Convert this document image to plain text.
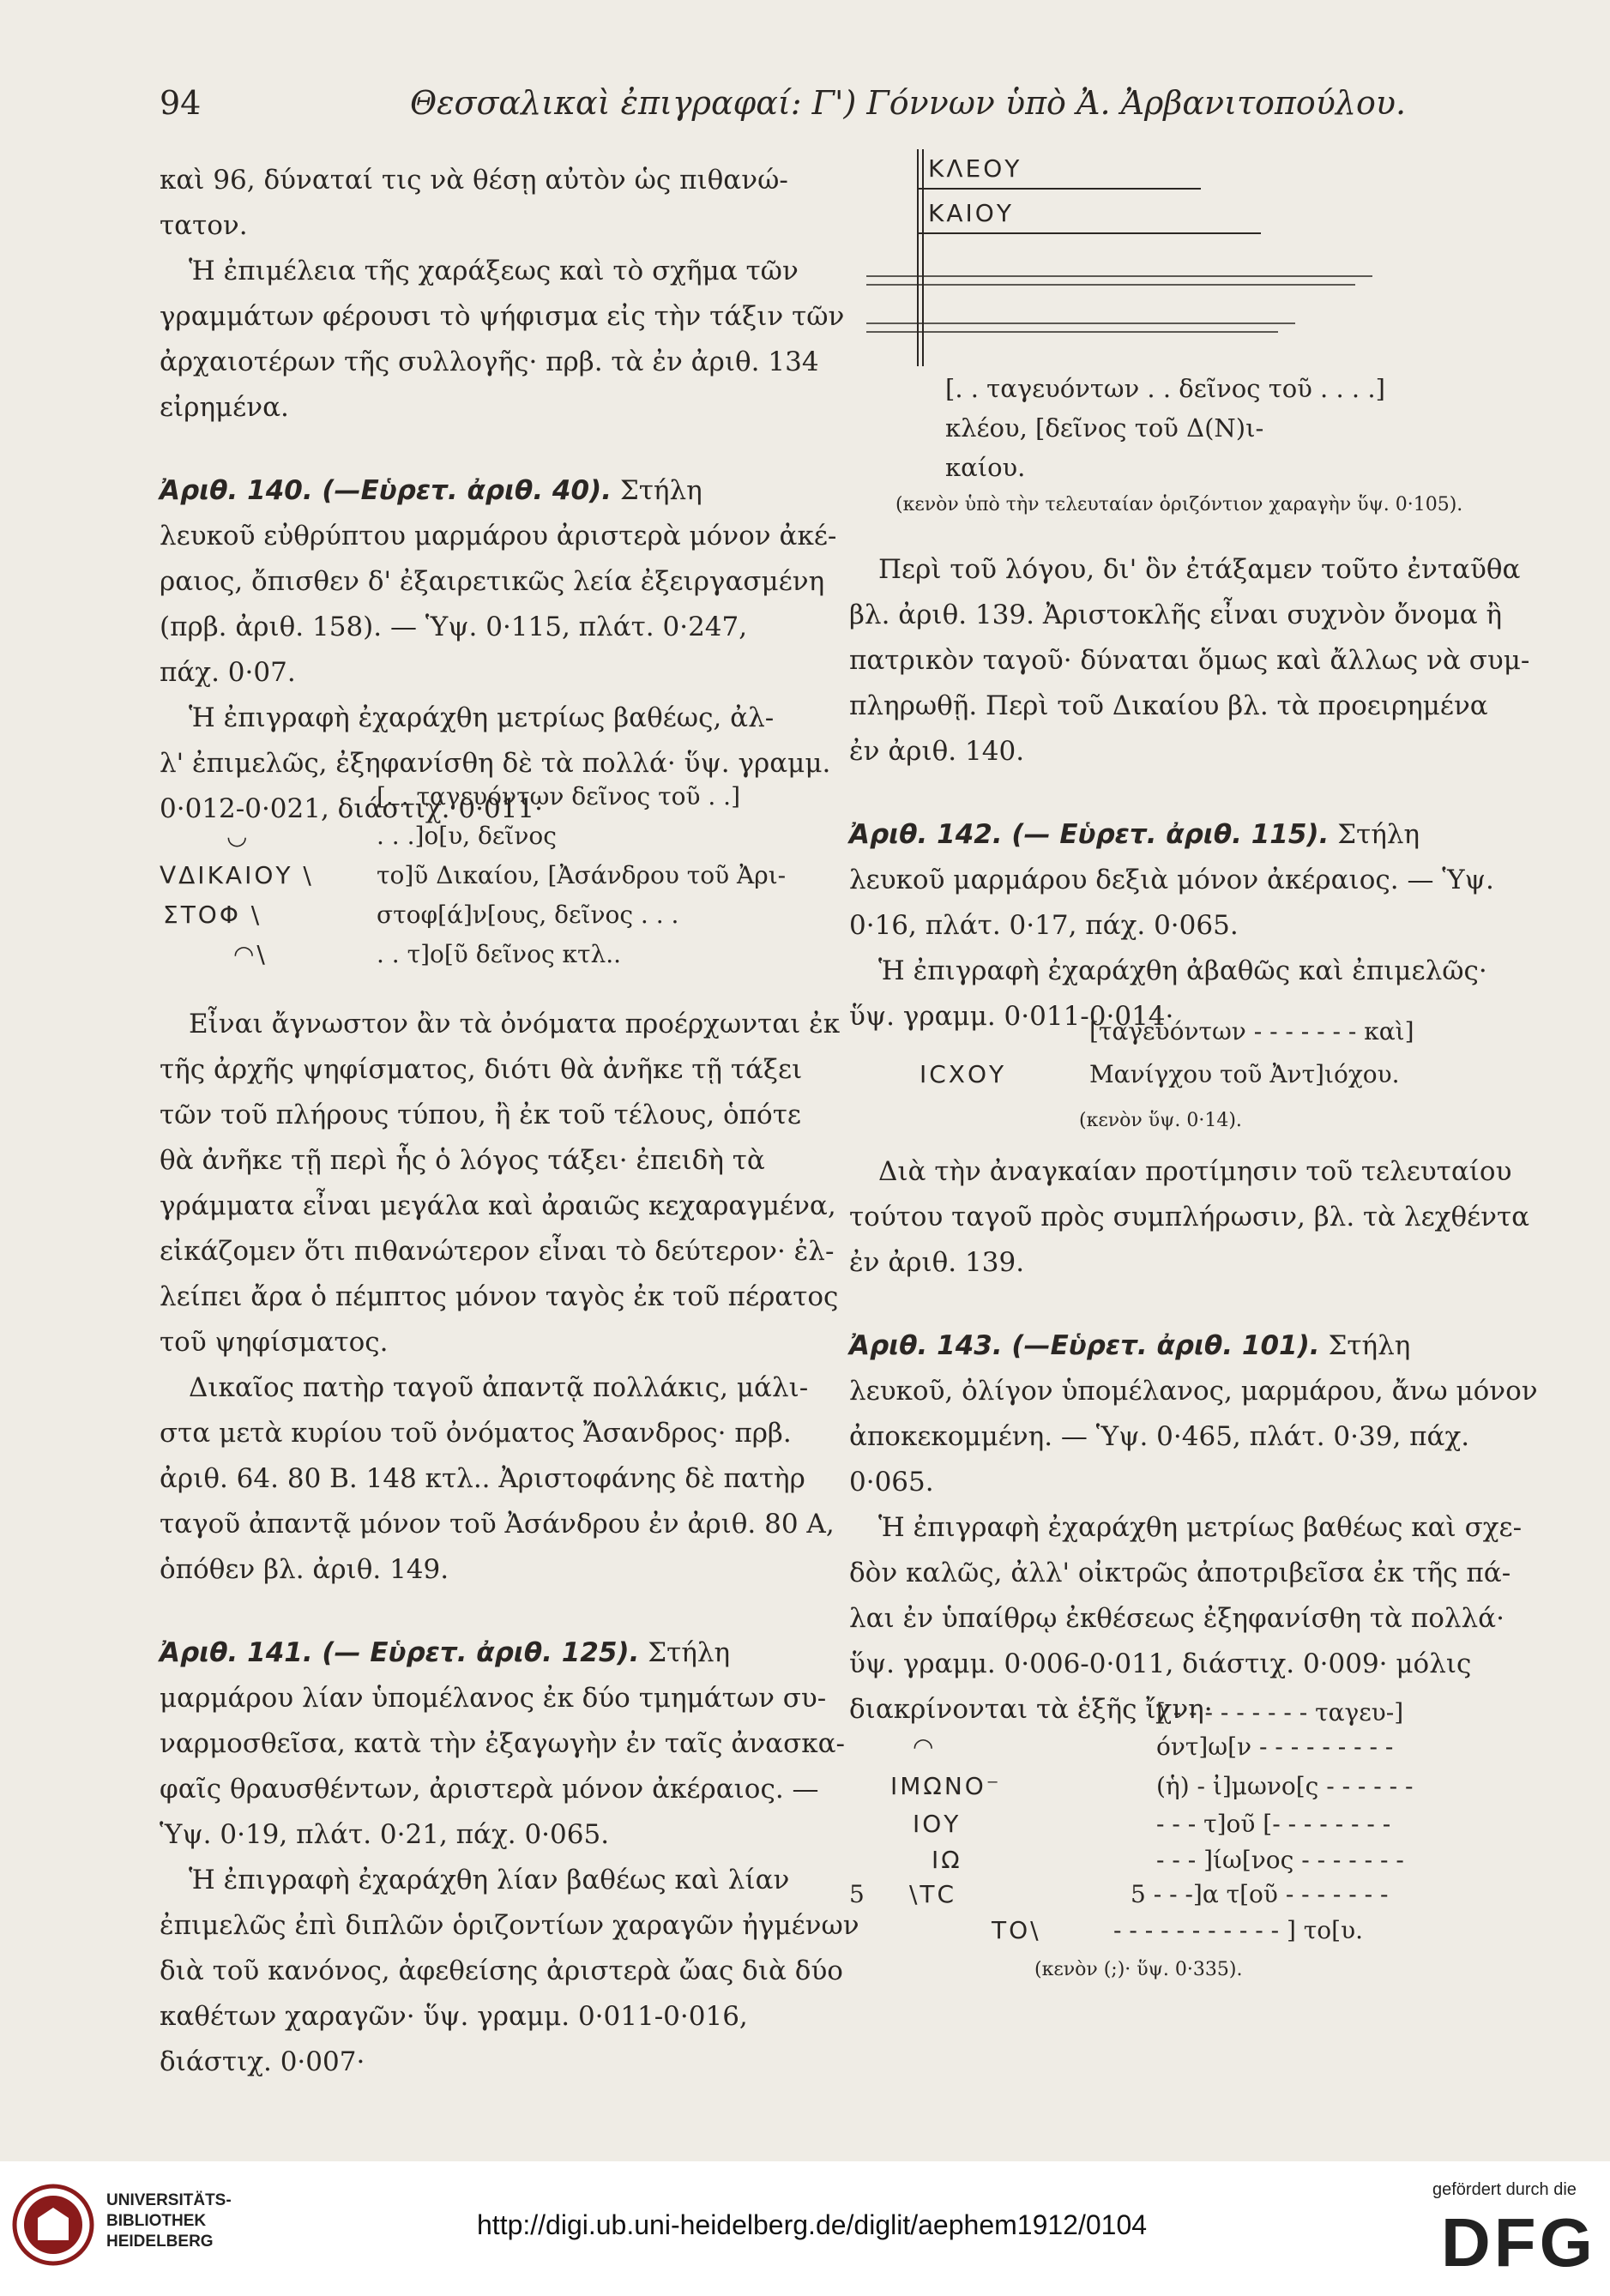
94	Θεσσαλικαὶ ἐπιγραφαί: Γ') Γόννων ὑπὸ Ἀ. Ἀρβανιτοπούλου.

καὶ 96, δύναταί τις νὰ θέσῃ αὐτὸν ὡς πιθανώ-

τατον.

Ἡ ἐπιμέλεια τῆς χαράξεως καὶ τὸ σχῆμα τῶν

γραμμάτων φέρουσι τὸ ψήφισμα εἰς τὴν τάξιν τῶν

ἀρχαιοτέρων τῆς συλλογῆς· πρβ. τὰ ἐν ἀριθ. 134

εἰρημένα.

Ἀριθ. 140. (—Εὑρετ. ἀριθ. 40). Στήλη

λευκοῦ εὐθρύπτου μαρμάρου ἀριστερὰ μόνον ἀκέ-

ραιος, ὄπισθεν δ' ἐξαιρετικῶς λεία ἐξειργασμένη

(πρβ. ἀριθ. 158). — Ὑψ. 0·115, πλάτ. 0·247,

πάχ. 0·07.

Ἡ ἐπιγραφὴ ἐχαράχθη μετρίως βαθέως, ἀλ-

λ' ἐπιμελῶς, ἐξηφανίσθη δὲ τὰ πολλά· ὕψ. γραμμ.

0·012-0·021, διάστιχ. 0·011·

[. . ταγευόντων δεῖνος τοῦ . .]
◡	. . .]ο[υ, δεῖνος
ᐯΔΙΚΑΙΟΥ \	το]ῦ Δικαίου, [Ἀσάνδρου τοῦ Ἀρι-
ΣΤΟΦ \	στοφ[ά]ν[ους, δεῖνος . . .
◠\	. . τ]ο[ῦ δεῖνος κτλ..

Εἶναι ἄγνωστον ἂν τὰ ὀνόματα προέρχωνται ἐκ

τῆς ἀρχῆς ψηφίσματος, διότι θὰ ἀνῆκε τῇ τάξει

τῶν τοῦ πλήρους τύπου, ἢ ἐκ τοῦ τέλους, ὁπότε

θὰ ἀνῆκε τῇ περὶ ἧς ὁ λόγος τάξει· ἐπειδὴ τὰ

γράμματα εἶναι μεγάλα καὶ ἀραιῶς κεχαραγμένα,

εἰκάζομεν ὅτι πιθανώτερον εἶναι τὸ δεύτερον· ἐλ-

λείπει ἄρα ὁ πέμπτος μόνον ταγὸς ἐκ τοῦ πέρατος

τοῦ ψηφίσματος.

Δικαῖος πατὴρ ταγοῦ ἀπαντᾷ πολλάκις, μάλι-

στα μετὰ κυρίου τοῦ ὀνόματος Ἄσανδρος· πρβ.

ἀριθ. 64. 80 Β. 148 κτλ.. Ἀριστοφάνης δὲ πατὴρ

ταγοῦ ἀπαντᾷ μόνον τοῦ Ἀσάνδρου ἐν ἀριθ. 80 Α,

ὁπόθεν βλ. ἀριθ. 149.

Ἀριθ. 141. (— Εὑρετ. ἀριθ. 125). Στήλη

μαρμάρου λίαν ὑπομέλανος ἐκ δύο τμημάτων συ-

ναρμοσθεῖσα, κατὰ τὴν ἐξαγωγὴν ἐν ταῖς ἀνασκα-

φαῖς θραυσθέντων, ἀριστερὰ μόνον ἀκέραιος. —

Ὑψ. 0·19, πλάτ. 0·21, πάχ. 0·065.

Ἡ ἐπιγραφὴ ἐχαράχθη λίαν βαθέως καὶ λίαν

ἐπιμελῶς ἐπὶ διπλῶν ὁριζοντίων χαραγῶν ἠγμένων

διὰ τοῦ κανόνος, ἀφεθείσης ἀριστερὰ ὤας διὰ δύο

καθέτων χαραγῶν· ὕψ. γραμμ. 0·011-0·016,

διάστιχ. 0·007·

ΚΛΕΟΥ
ΚΑΙΟΥ

[. . ταγευόντων . . δεῖνος τοῦ . . . .]

κλέου, [δεῖνος τοῦ Δ(Ν)ι-

καίου.

(κενὸν ὑπὸ τὴν τελευταίαν ὁριζόντιον χαραγὴν ὕψ. 0·105).

Περὶ τοῦ λόγου, δι' ὃν ἐτάξαμεν τοῦτο ἐνταῦθα

βλ. ἀριθ. 139. Ἀριστοκλῆς εἶναι συχνὸν ὄνομα ἢ

πατρικὸν ταγοῦ· δύναται ὅμως καὶ ἄλλως νὰ συμ-

πληρωθῇ. Περὶ τοῦ Δικαίου βλ. τὰ προειρημένα

ἐν ἀριθ. 140.

Ἀριθ. 142. (— Εὑρετ. ἀριθ. 115). Στήλη

λευκοῦ μαρμάρου δεξιὰ μόνον ἀκέραιος. — Ὑψ.

0·16, πλάτ. 0·17, πάχ. 0·065.

Ἡ ἐπιγραφὴ ἐχαράχθη ἀβαθῶς καὶ ἐπιμελῶς·

ὕψ. γραμμ. 0·011-0·014·

[ταγευόντων - - - - - - - καὶ]
ΙCΧΟΥ	Μανίγχου τοῦ Ἀντ]ιόχου.
(κενὸν ὕψ. 0·14).

Διὰ τὴν ἀναγκαίαν προτίμησιν τοῦ τελευταίου

τούτου ταγοῦ πρὸς συμπλήρωσιν, βλ. τὰ λεχθέντα

ἐν ἀριθ. 139.

Ἀριθ. 143. (—Εὑρετ. ἀριθ. 101). Στήλη

λευκοῦ, ὀλίγον ὑπομέλανος, μαρμάρου, ἄνω μόνον

ἀποκεκομμένη. — Ὑψ. 0·465, πλάτ. 0·39, πάχ.

0·065.

Ἡ ἐπιγραφὴ ἐχαράχθη μετρίως βαθέως καὶ σχε-

δὸν καλῶς, ἀλλ' οἰκτρῶς ἀποτριβεῖσα ἐκ τῆς πά-

λαι ἐν ὑπαίθρῳ ἐκθέσεως ἐξηφανίσθη τὰ πολλά·

ὕψ. γραμμ. 0·006-0·011, διάστιχ. 0·009· μόλις

διακρίνονται τὰ ἑξῆς ἴχνη·

[ - - - - - - - - - ταγευ-]
◠	όντ]ω[ν - - - - - - - - -
ΙΜΩΝΟ⁻	(ἡ) - ἰ]μωνο[ς - - - - - -
ΙΟΥ	- - - τ]ου̃ [- - - - - - - -
ΙΩ	- - - ]ίω[νος - - - - - - -
5 \ΤC	5 - - -]α τ[οῦ - - - - - - -
ΤΟ\	- - - - - - - - - - - ] το[υ.
(κενὸν (;)· ὕψ. 0·335).
UNIVERSITÄTS-
BIBLIOTHEK
HEIDELBERG
http://digi.ub.uni-heidelberg.de/diglit/aephem1912/0104
gefördert durch die
DFG
